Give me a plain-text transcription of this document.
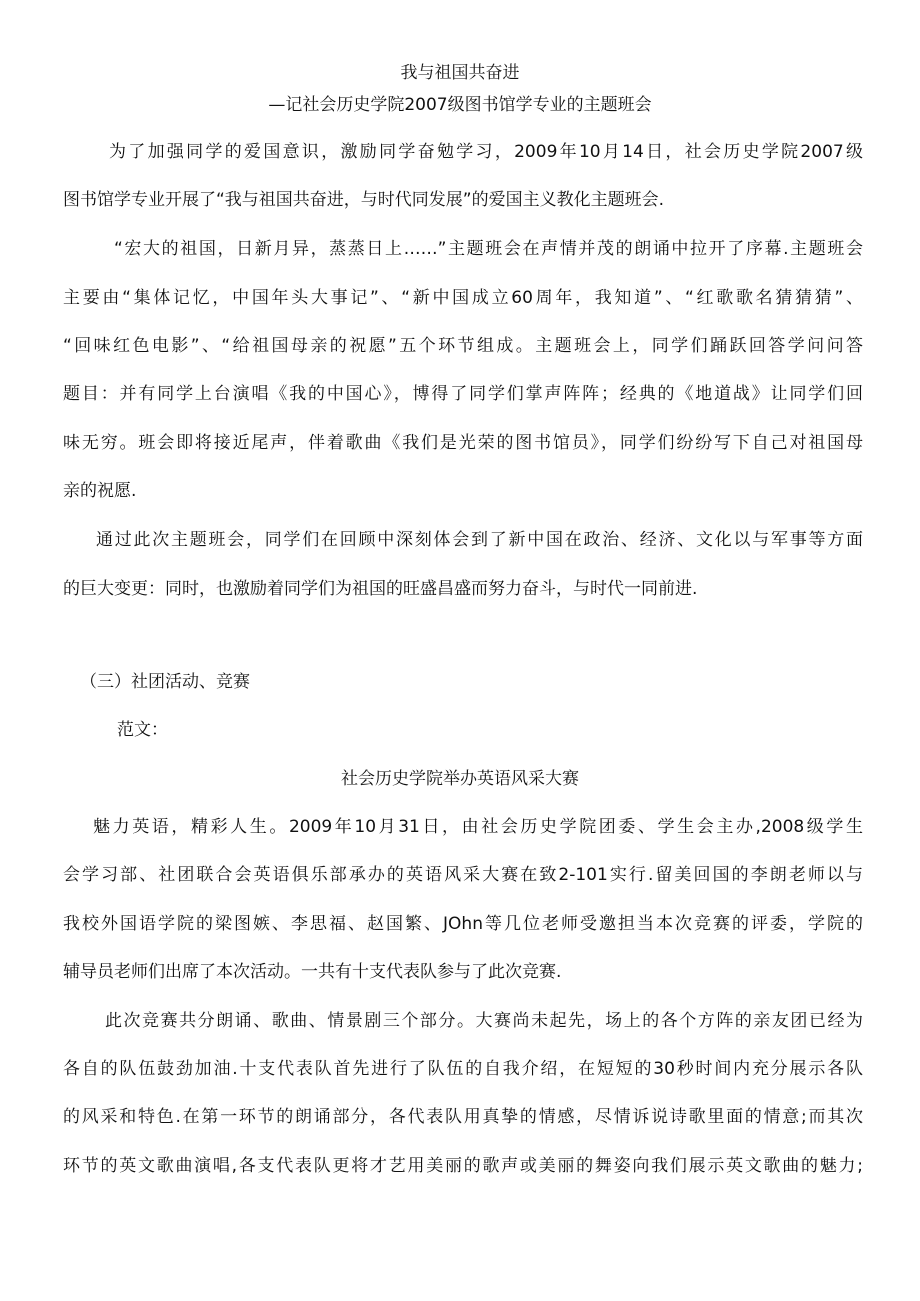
我与祖国共奋进
—记社会历史学院2007级图书馆学专业的主题班会
为了加强同学的爱国意识，激励同学奋勉学习，2009年10月14日，社会历史学院2007级
图书馆学专业开展了“我与祖国共奋进，与时代同发展”的爱国主义教化主题班会.
“宏大的祖国，日新月异，蒸蒸日上……”主题班会在声情并茂的朗诵中拉开了序幕.主题班会
主要由“集体记忆，中国年头大事记”、“新中国成立60周年，我知道”、“红歌歌名猜猜猜”、
“回味红色电影”、“给祖国母亲的祝愿”五个环节组成。主题班会上，同学们踊跃回答学问问答
题目：并有同学上台演唱《我的中国心》，博得了同学们掌声阵阵；经典的《地道战》让同学们回
味无穷。班会即将接近尾声，伴着歌曲《我们是光荣的图书馆员》，同学们纷纷写下自己对祖国母
亲的祝愿.
通过此次主题班会，同学们在回顾中深刻体会到了新中国在政治、经济、文化以与军事等方面
的巨大变更：同时，也激励着同学们为祖国的旺盛昌盛而努力奋斗，与时代一同前进.
（三）社团活动、竞赛
范文：
社会历史学院举办英语风采大赛
魅力英语，精彩人生。2009年10月31日，由社会历史学院团委、学生会主办,2008级学生
会学习部、社团联合会英语俱乐部承办的英语风采大赛在致2-101实行.留美回国的李朗老师以与
我校外国语学院的梁图嫉、李思福、赵国繁、JOhn等几位老师受邀担当本次竞赛的评委，学院的
辅导员老师们出席了本次活动。一共有十支代表队参与了此次竞赛.
此次竞赛共分朗诵、歌曲、情景剧三个部分。大赛尚未起先，场上的各个方阵的亲友团已经为
各自的队伍鼓劲加油.十支代表队首先进行了队伍的自我介绍，在短短的30秒时间内充分展示各队
的风采和特色.在第一环节的朗诵部分，各代表队用真挚的情感，尽情诉说诗歌里面的情意;而其次
环节的英文歌曲演唱,各支代表队更将才艺用美丽的歌声或美丽的舞姿向我们展示英文歌曲的魅力;
